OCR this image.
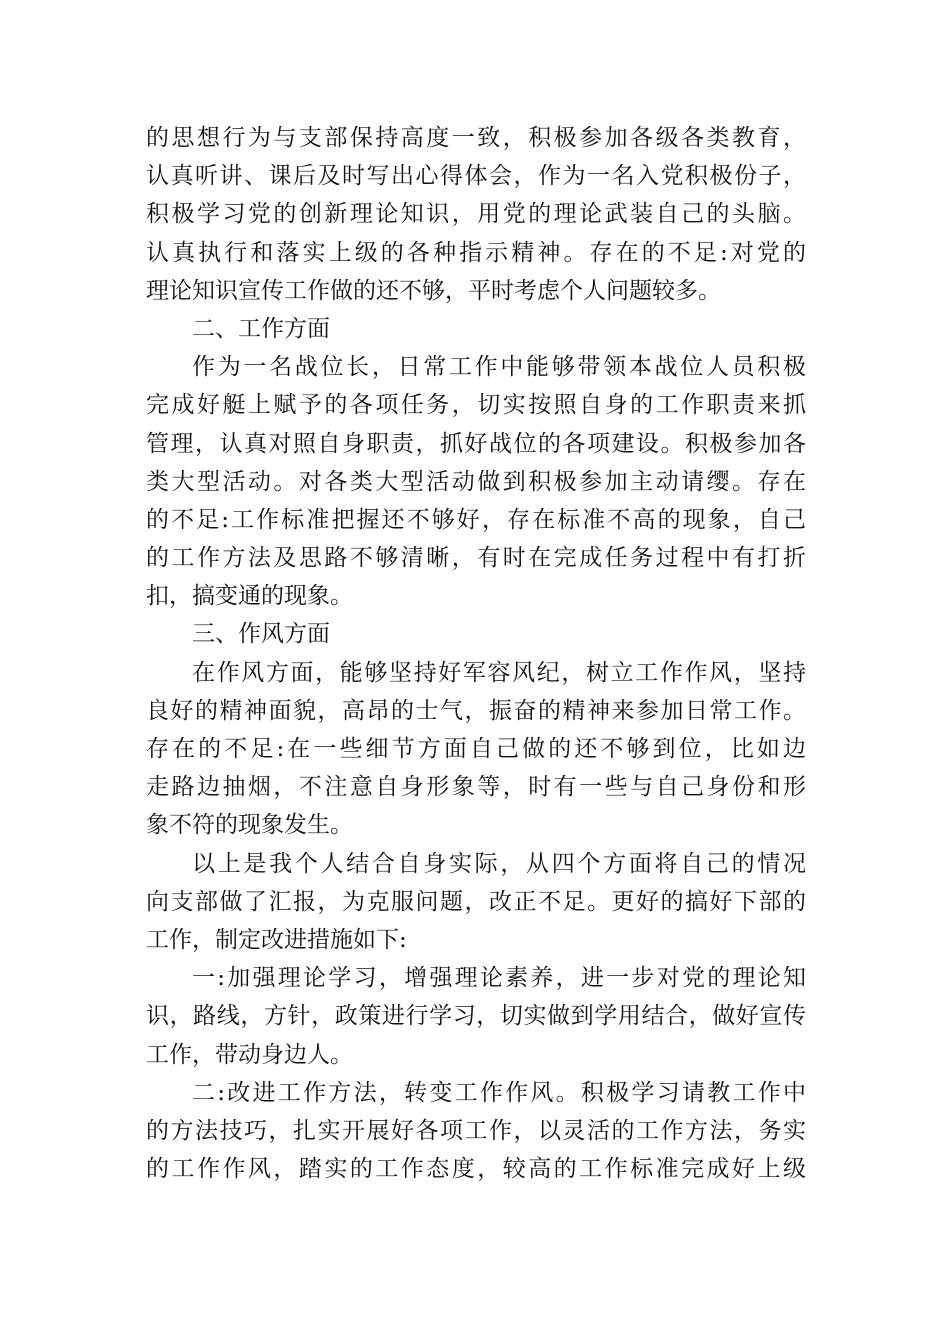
的思想行为与支部保持高度一致，积极参加各级各类教育，
认真听讲、课后及时写出心得体会，作为一名入党积极份子，
积极学习党的创新理论知识，用党的理论武装自己的头脑。
认真执行和落实上级的各种指示精神。存在的不足:对党的
理论知识宣传工作做的还不够，平时考虑个人问题较多。
二、工作方面
作为一名战位长，日常工作中能够带领本战位人员积极
完成好艇上赋予的各项任务，切实按照自身的工作职责来抓
管理，认真对照自身职责，抓好战位的各项建设。积极参加各
类大型活动。对各类大型活动做到积极参加主动请缨。存在
的不足:工作标准把握还不够好，存在标准不高的现象，自己
的工作方法及思路不够清晰，有时在完成任务过程中有打折
扣，搞变通的现象。
三、作风方面
在作风方面，能够坚持好军容风纪，树立工作作风，坚持
良好的精神面貌，高昂的士气，振奋的精神来参加日常工作。
存在的不足:在一些细节方面自己做的还不够到位，比如边
走路边抽烟，不注意自身形象等，时有一些与自己身份和形
象不符的现象发生。
以上是我个人结合自身实际，从四个方面将自己的情况
向支部做了汇报，为克服问题，改正不足。更好的搞好下部的
工作，制定改进措施如下:
一:加强理论学习，增强理论素养，进一步对党的理论知
识，路线，方针，政策进行学习，切实做到学用结合，做好宣传
工作，带动身边人。
二:改进工作方法，转变工作作风。积极学习请教工作中
的方法技巧，扎实开展好各项工作，以灵活的工作方法，务实
的工作作风，踏实的工作态度，较高的工作标准完成好上级
